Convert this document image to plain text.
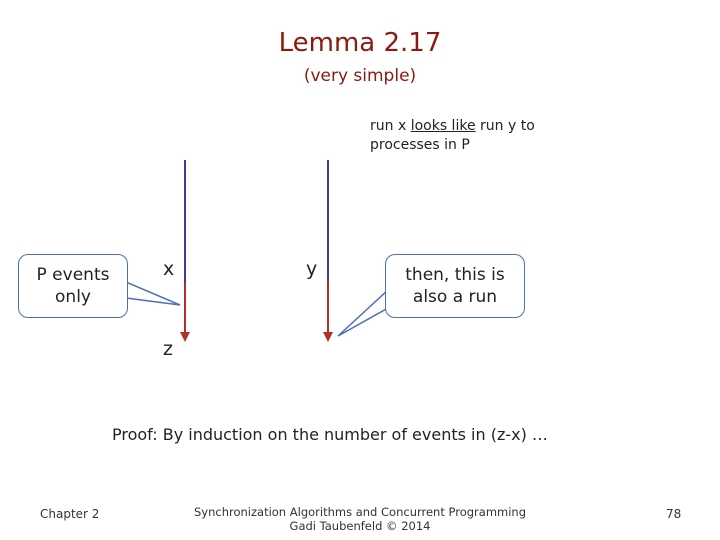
Lemma 2.17
(very simple)
run x looks like run y to
processes in P
P events
only
then, this is
also a run
x	y
z
Proof: By induction on the number of events in (z-x) …
Chapter 2	Synchronization Algorithms and Concurrent Programming
Gadi Taubenfeld © 2014
78
